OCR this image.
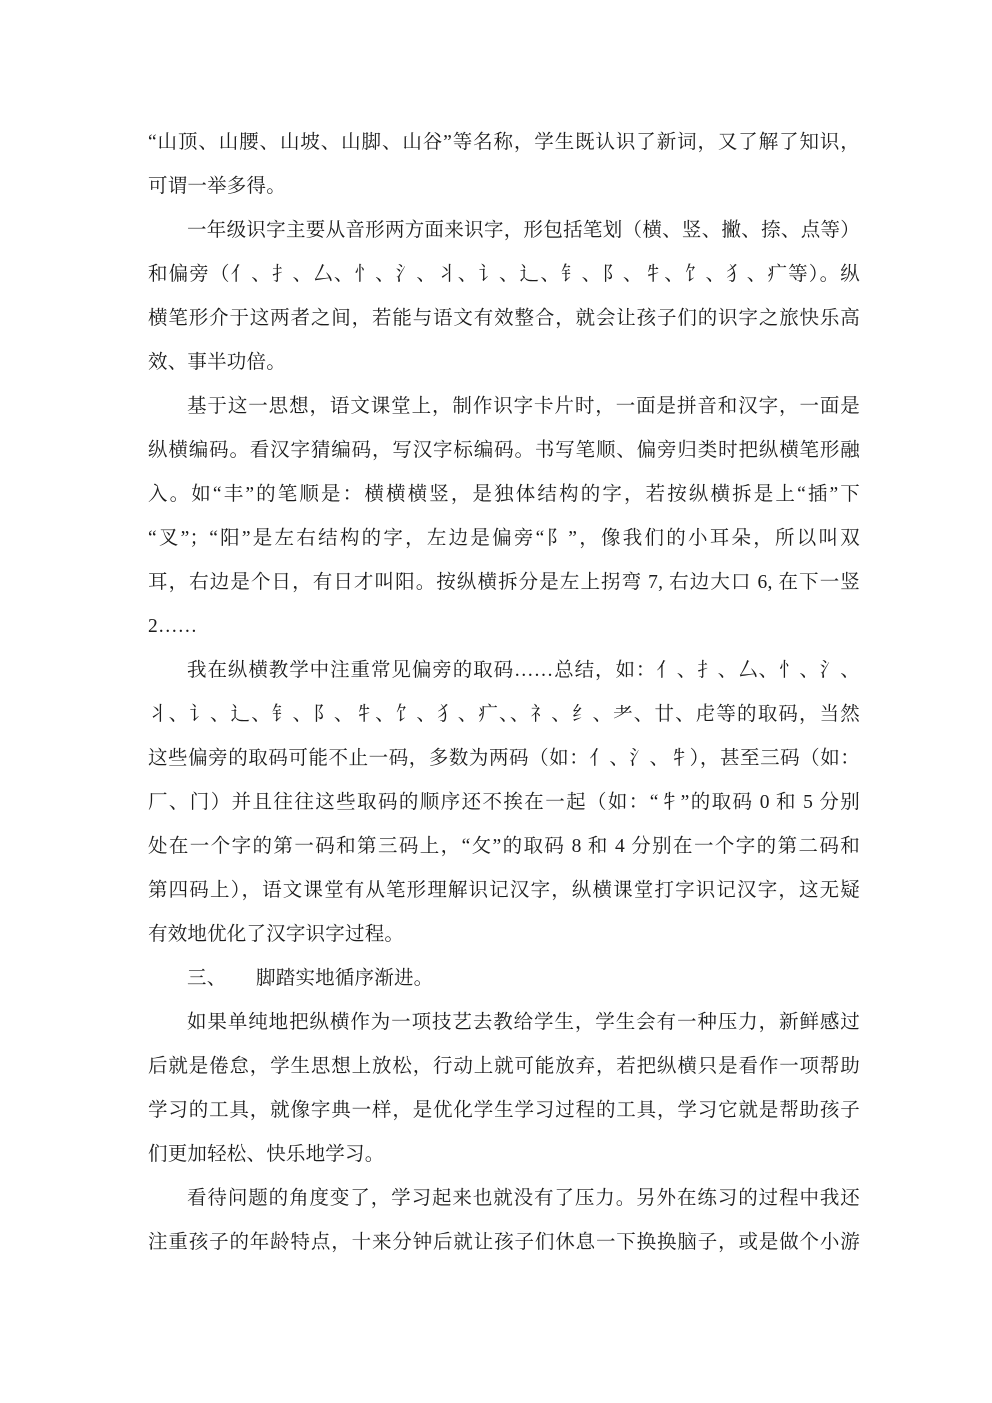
“山顶、山腰、山坡、山脚、山谷”等名称，学生既认识了新词，又了解了知识，
可谓一举多得。
一年级识字主要从音形两方面来识字，形包括笔划（横、竖、撇、捺、点等）
和偏旁（亻、扌、厶、忄、氵、丬、讠、辶、钅、阝、牜、饣、犭、疒等）。纵
横笔形介于这两者之间，若能与语文有效整合，就会让孩子们的识字之旅快乐高
效、事半功倍。
基于这一思想，语文课堂上，制作识字卡片时，一面是拼音和汉字，一面是
纵横编码。看汉字猜编码，写汉字标编码。书写笔顺、偏旁归类时把纵横笔形融
入。如“丰”的笔顺是：横横横竖，是独体结构的字，若按纵横拆是上“插”下
“叉”；“阳”是左右结构的字，左边是偏旁“阝”，像我们的小耳朵，所以叫双
耳，右边是个日，有日才叫阳。按纵横拆分是左上拐弯 7, 右边大口 6, 在下一竖
2……
我在纵横教学中注重常见偏旁的取码……总结，如：亻、扌、厶、忄、氵、
丬、讠、辶、钅、阝、牜、饣、犭、疒、、礻、纟、耂、廿、虍等的取码，当然
这些偏旁的取码可能不止一码，多数为两码（如：亻、氵、牜），甚至三码（如：
厂、门）并且往往这些取码的顺序还不挨在一起（如：“牜”的取码 0 和 5 分别
处在一个字的第一码和第三码上，“攵”的取码 8 和 4 分别在一个字的第二码和
第四码上），语文课堂有从笔形理解识记汉字，纵横课堂打字识记汉字，这无疑
有效地优化了汉字识字过程。
三、　　脚踏实地循序渐进。
如果单纯地把纵横作为一项技艺去教给学生，学生会有一种压力，新鲜感过
后就是倦怠，学生思想上放松，行动上就可能放弃，若把纵横只是看作一项帮助
学习的工具，就像字典一样，是优化学生学习过程的工具，学习它就是帮助孩子
们更加轻松、快乐地学习。
看待问题的角度变了，学习起来也就没有了压力。另外在练习的过程中我还
注重孩子的年龄特点，十来分钟后就让孩子们休息一下换换脑子，或是做个小游
